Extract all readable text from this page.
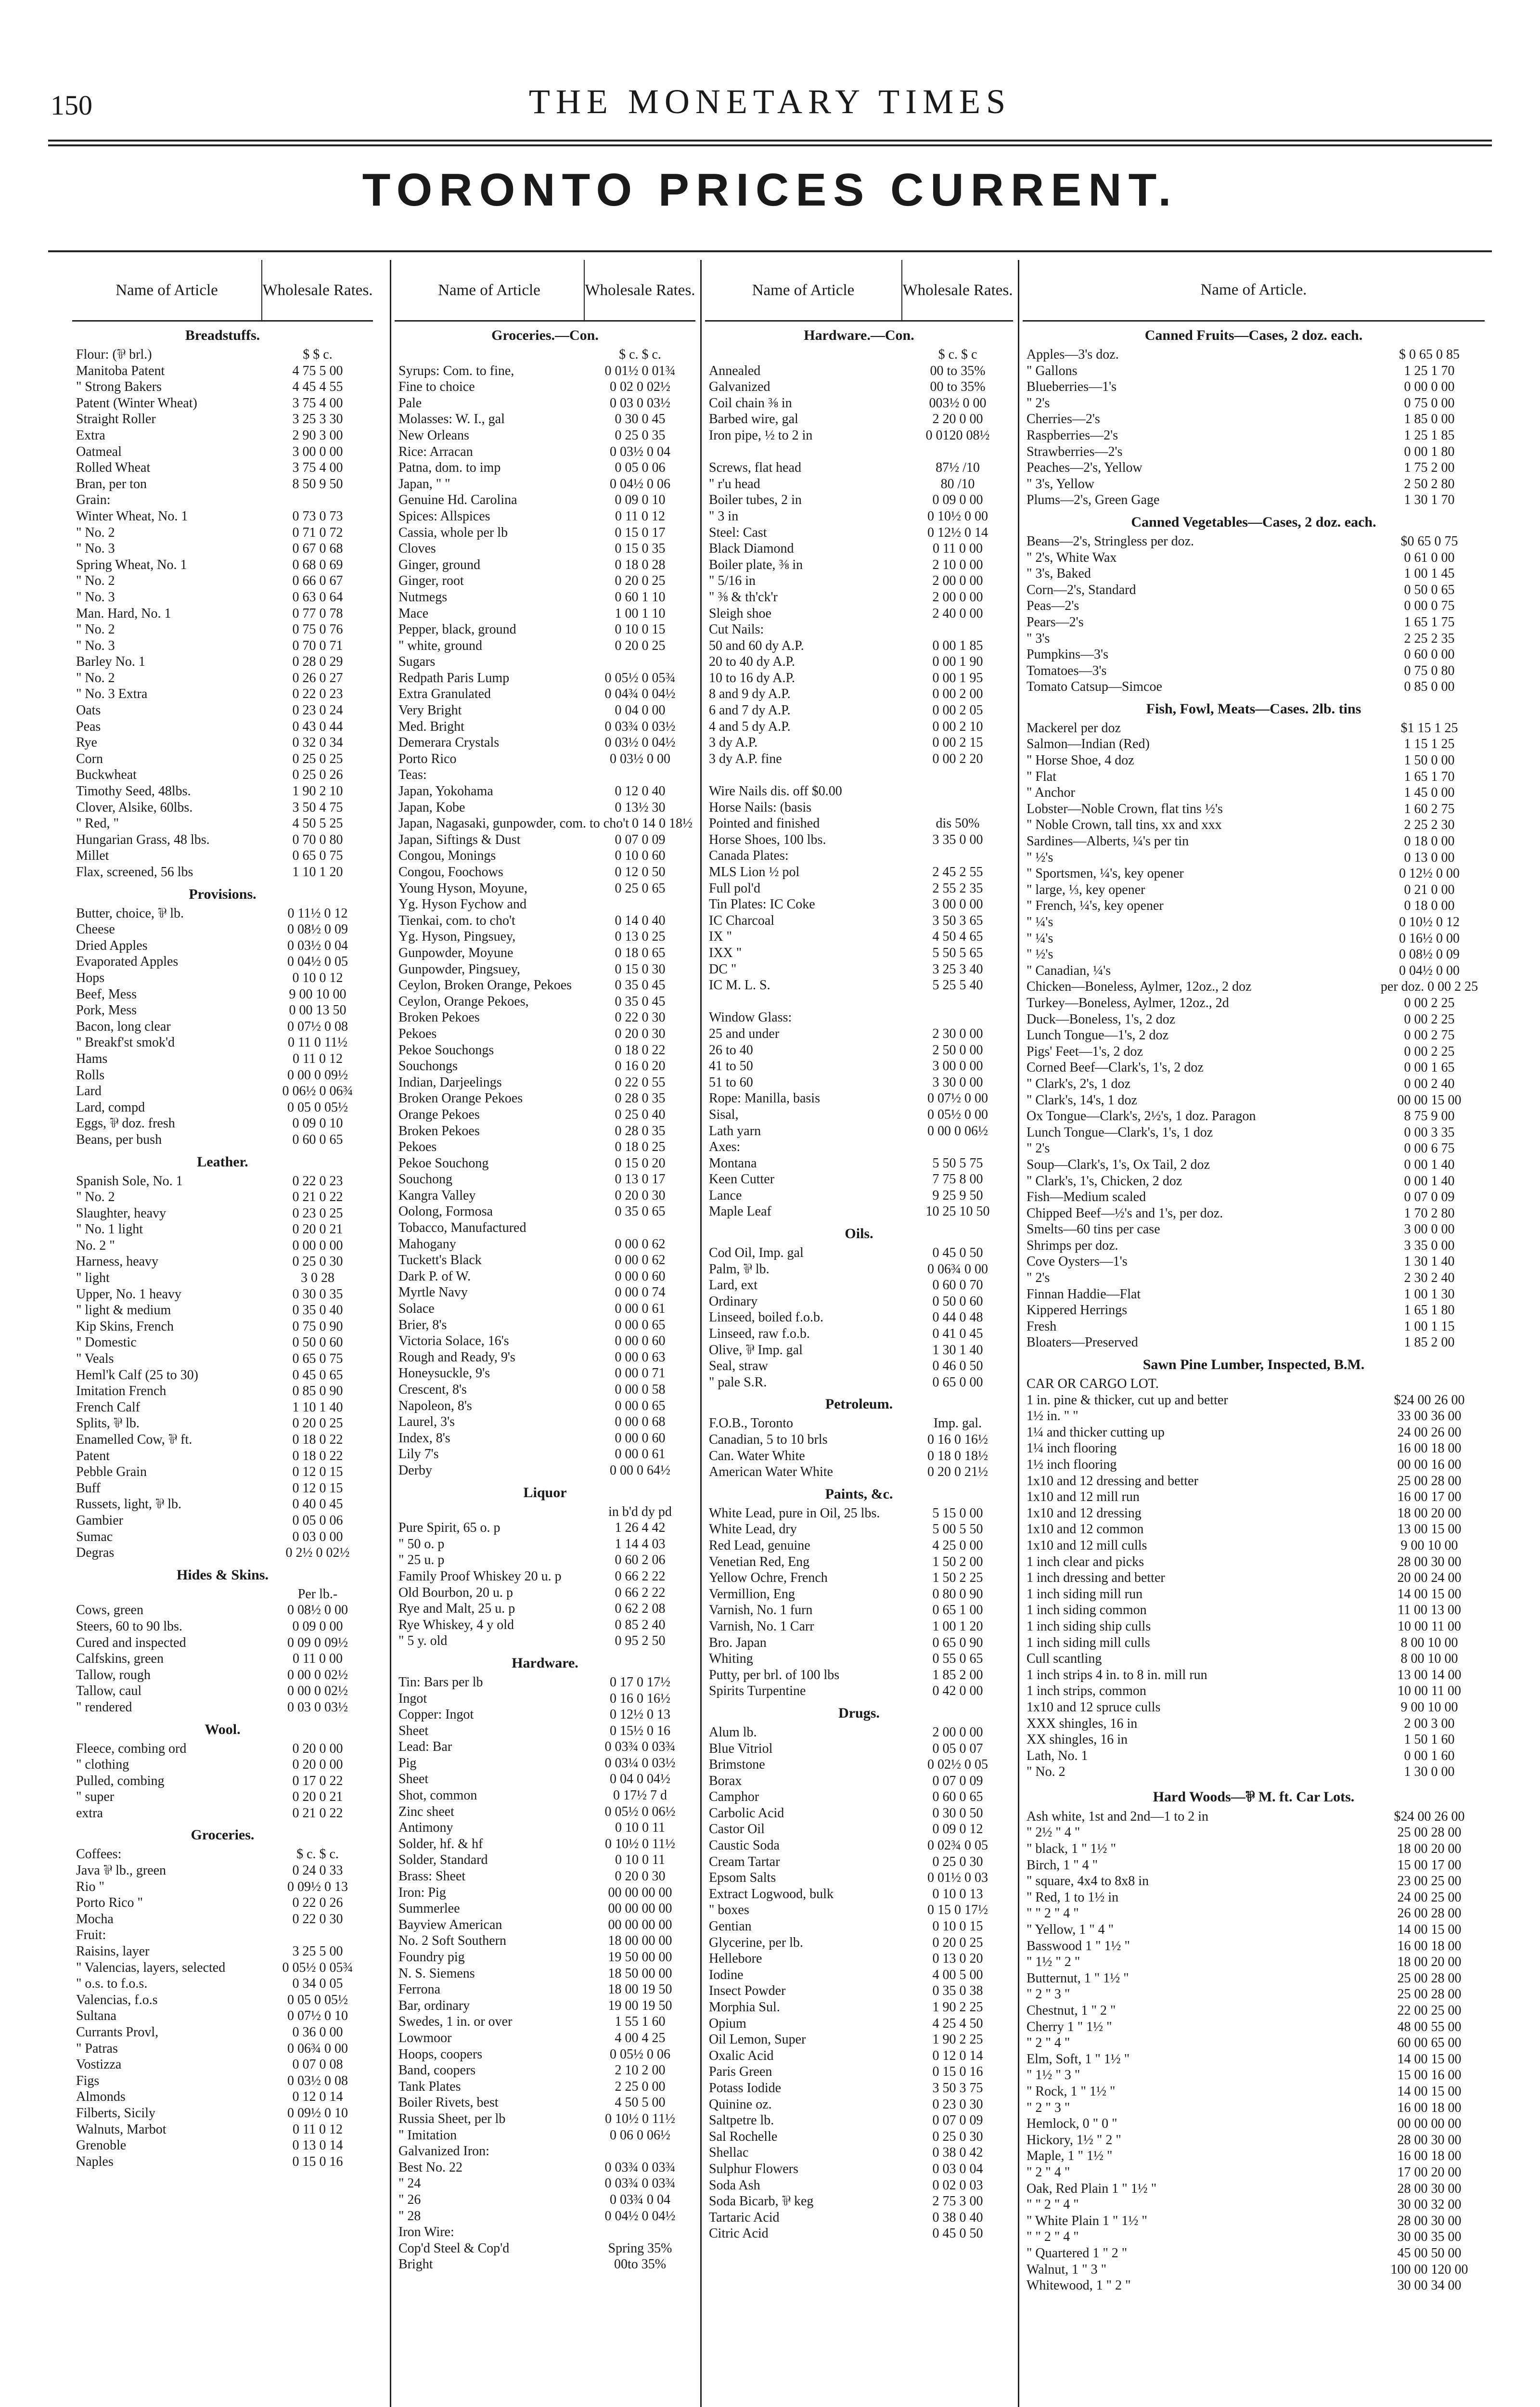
150	THE MONETARY TIMES
TORONTO PRICES CURRENT.
Name of Article	Wholesale Rates.
Breadstuffs.
Flour: (⅌ brl.)	$ $ c.
Manitoba Patent	4 75 5 00
" Strong Bakers	4 45 4 55
Patent (Winter Wheat)	3 75 4 00
Straight Roller	3 25 3 30
Extra	2 90 3 00
Oatmeal	3 00 0 00
Rolled Wheat	3 75 4 00
Bran, per ton	8 50 9 50
Grain:
Winter Wheat, No. 1	0 73 0 73
" No. 2	0 71 0 72
" No. 3	0 67 0 68
Spring Wheat, No. 1	0 68 0 69
" No. 2	0 66 0 67
" No. 3	0 63 0 64
Man. Hard, No. 1	0 77 0 78
" No. 2	0 75 0 76
" No. 3	0 70 0 71
Barley No. 1	0 28 0 29
" No. 2	0 26 0 27
" No. 3 Extra	0 22 0 23
Oats	0 23 0 24
Peas	0 43 0 44
Rye	0 32 0 34
Corn	0 25 0 25
Buckwheat	0 25 0 26
Timothy Seed, 48lbs.	1 90 2 10
Clover, Alsike, 60lbs.	3 50 4 75
" Red, "	4 50 5 25
Hungarian Grass, 48 lbs.	0 70 0 80
Millet	0 65 0 75
Flax, screened, 56 lbs	1 10 1 20
Provisions.
Butter, choice, ⅌ lb.	0 11½ 0 12
Cheese	0 08½ 0 09
Dried Apples	0 03½ 0 04
Evaporated Apples	0 04½ 0 05
Hops	0 10 0 12
Beef, Mess	9 00 10 00
Pork, Mess	0 00 13 50
Bacon, long clear	0 07½ 0 08
" Breakf'st smok'd	0 11 0 11½
Hams	0 11 0 12
Rolls	0 00 0 09½
Lard	0 06½ 0 06¾
Lard, compd	0 05 0 05½
Eggs, ⅌ doz. fresh	0 09 0 10
Beans, per bush	0 60 0 65
Leather.
Spanish Sole, No. 1	0 22 0 23
" No. 2	0 21 0 22
Slaughter, heavy	0 23 0 25
" No. 1 light	0 20 0 21
No. 2 "	0 00 0 00
Harness, heavy	0 25 0 30
" light	3 0 28
Upper, No. 1 heavy	0 30 0 35
" light & medium	0 35 0 40
Kip Skins, French	0 75 0 90
" Domestic	0 50 0 60
" Veals	0 65 0 75
Heml'k Calf (25 to 30)	0 45 0 65
Imitation French	0 85 0 90
French Calf	1 10 1 40
Splits, ⅌ lb.	0 20 0 25
Enamelled Cow, ⅌ ft.	0 18 0 22
Patent	0 18 0 22
Pebble Grain	0 12 0 15
Buff	0 12 0 15
Russets, light, ⅌ lb.	0 40 0 45
Gambier	0 05 0 06
Sumac	0 03 0 00
Degras	0 2½ 0 02½
Hides & Skins.
Per lb.-
Cows, green	0 08½ 0 00
Steers, 60 to 90 lbs.	0 09 0 00
Cured and inspected	0 09 0 09½
Calfskins, green	0 11 0 00
Tallow, rough	0 00 0 02½
Tallow, caul	0 00 0 02½
" rendered	0 03 0 03½
Wool.
Fleece, combing ord	0 20 0 00
" clothing	0 20 0 00
Pulled, combing	0 17 0 22
" super	0 20 0 21
extra	0 21 0 22
Groceries.
Coffees:	$ c. $ c.
Java ⅌ lb., green	0 24 0 33
Rio "	0 09½ 0 13
Porto Rico "	0 22 0 26
Mocha	0 22 0 30
Fruit:
Raisins, layer	3 25 5 00
" Valencias, layers, selected	0 05½ 0 05¾
" o.s. to f.o.s.	0 34 0 05
Valencias, f.o.s	0 05 0 05½
Sultana	0 07½ 0 10
Currants Provl,	0 36 0 00
" Patras	0 06¾ 0 00
Vostizza	0 07 0 08
Figs	0 03½ 0 08
Almonds	0 12 0 14
Filberts, Sicily	0 09½ 0 10
Walnuts, Marbot	0 11 0 12
Grenoble	0 13 0 14
Naples	0 15 0 16
Name of Article	Wholesale Rates.
Groceries.—Con.
$ c. $ c.
Syrups: Com. to fine,	0 01½ 0 01¾
Fine to choice	0 02 0 02½
Pale	0 03 0 03½
Molasses: W. I., gal	0 30 0 45
New Orleans	0 25 0 35
Rice: Arracan	0 03½ 0 04
Patna, dom. to imp	0 05 0 06
Japan, " "	0 04½ 0 06
Genuine Hd. Carolina	0 09 0 10
Spices: Allspices	0 11 0 12
Cassia, whole per lb	0 15 0 17
Cloves	0 15 0 35
Ginger, ground	0 18 0 28
Ginger, root	0 20 0 25
Nutmegs	0 60 1 10
Mace	1 00 1 10
Pepper, black, ground	0 10 0 15
" white, ground	0 20 0 25
Sugars
Redpath Paris Lump	0 05½ 0 05¾
Extra Granulated	0 04¾ 0 04½
Very Bright	0 04 0 00
Med. Bright	0 03¾ 0 03½
Demerara Crystals	0 03½ 0 04½
Porto Rico	0 03½ 0 00
Teas:
Japan, Yokohama	0 12 0 40
Japan, Kobe	0 13½ 30
Japan, Nagasaki, gunpowder, com. to cho't 0 14 0 18½
Japan, Siftings & Dust	0 07 0 09
Congou, Monings	0 10 0 60
Congou, Foochows	0 12 0 50
Young Hyson, Moyune,	0 25 0 65
Yg. Hyson Fychow and
Tienkai, com. to cho't	0 14 0 40
Yg. Hyson, Pingsuey,	0 13 0 25
Gunpowder, Moyune	0 18 0 65
Gunpowder, Pingsuey,	0 15 0 30
Ceylon, Broken Orange, Pekoes	0 35 0 45
Ceylon, Orange Pekoes,	0 35 0 45
Broken Pekoes	0 22 0 30
Pekoes	0 20 0 30
Pekoe Souchongs	0 18 0 22
Souchongs	0 16 0 20
Indian, Darjeelings	0 22 0 55
Broken Orange Pekoes	0 28 0 35
Orange Pekoes	0 25 0 40
Broken Pekoes	0 28 0 35
Pekoes	0 18 0 25
Pekoe Souchong	0 15 0 20
Souchong	0 13 0 17
Kangra Valley	0 20 0 30
Oolong, Formosa	0 35 0 65
Tobacco, Manufactured
Mahogany	0 00 0 62
Tuckett's Black	0 00 0 62
Dark P. of W.	0 00 0 60
Myrtle Navy	0 00 0 74
Solace	0 00 0 61
Brier, 8's	0 00 0 65
Victoria Solace, 16's	0 00 0 60
Rough and Ready, 9's	0 00 0 63
Honeysuckle, 9's	0 00 0 71
Crescent, 8's	0 00 0 58
Napoleon, 8's	0 00 0 65
Laurel, 3's	0 00 0 68
Index, 8's	0 00 0 60
Lily 7's	0 00 0 61
Derby	0 00 0 64½
Liquor
in b'd dy pd
Pure Spirit, 65 o. p	1 26 4 42
" 50 o. p	1 14 4 03
" 25 u. p	0 60 2 06
Family Proof Whiskey 20 u. p	0 66 2 22
Old Bourbon, 20 u. p	0 66 2 22
Rye and Malt, 25 u. p	0 62 2 08
Rye Whiskey, 4 y old	0 85 2 40
" 5 y. old	0 95 2 50
Hardware.
Tin: Bars per lb	0 17 0 17½
Ingot	0 16 0 16½
Copper: Ingot	0 12½ 0 13
Sheet	0 15½ 0 16
Lead: Bar	0 03¾ 0 03¾
Pig	0 03¼ 0 03½
Sheet	0 04 0 04½
Shot, common	0 17½ 7 d
Zinc sheet	0 05½ 0 06½
Antimony	0 10 0 11
Solder, hf. & hf	0 10½ 0 11½
Solder, Standard	0 10 0 11
Brass: Sheet	0 20 0 30
Iron: Pig	00 00 00 00
Summerlee	00 00 00 00
Bayview American	00 00 00 00
No. 2 Soft Southern	18 00 00 00
Foundry pig	19 50 00 00
N. S. Siemens	18 50 00 00
Ferrona	18 00 19 50
Bar, ordinary	19 00 19 50
Swedes, 1 in. or over	1 55 1 60
Lowmoor	4 00 4 25
Hoops, coopers	0 05½ 0 06
Band, coopers	2 10 2 00
Tank Plates	2 25 0 00
Boiler Rivets, best	4 50 5 00
Russia Sheet, per lb	0 10½ 0 11½
" Imitation	0 06 0 06½
Galvanized Iron:
Best No. 22	0 03¾ 0 03¾
" 24	0 03¾ 0 03¾
" 26	0 03¾ 0 04
" 28	0 04½ 0 04½
Iron Wire:
Cop'd Steel & Cop'd	Spring 35%
Bright	00to 35%
Name of Article	Wholesale Rates.
Hardware.—Con.
$ c. $ c
Annealed	00 to 35%
Galvanized	00 to 35%
Coil chain ⅜ in	003½ 0 00
Barbed wire, gal	2 20 0 00
Iron pipe, ½ to 2 in	0 0120 08½
Screws, flat head	87½ /10
" r'u head	80 /10
Boiler tubes, 2 in	0 09 0 00
" 3 in	0 10½ 0 00
Steel: Cast	0 12½ 0 14
Black Diamond	0 11 0 00
Boiler plate, ⅜ in	2 10 0 00
" 5/16 in	2 00 0 00
" ⅜ & th'ck'r	2 00 0 00
Sleigh shoe	2 40 0 00
Cut Nails:
50 and 60 dy A.P.	0 00 1 85
20 to 40 dy A.P.	0 00 1 90
10 to 16 dy A.P.	0 00 1 95
8 and 9 dy A.P.	0 00 2 00
6 and 7 dy A.P.	0 00 2 05
4 and 5 dy A.P.	0 00 2 10
3 dy A.P.	0 00 2 15
3 dy A.P. fine	0 00 2 20
Wire Nails dis. off $0.00
Horse Nails: (basis
Pointed and finished	dis 50%
Horse Shoes, 100 lbs.	3 35 0 00
Canada Plates:
MLS Lion ½ pol	2 45 2 55
Full pol'd	2 55 2 35
Tin Plates: IC Coke	3 00 0 00
IC Charcoal	3 50 3 65
IX "	4 50 4 65
IXX "	5 50 5 65
DC "	3 25 3 40
IC M. L. S.	5 25 5 40
Window Glass:
25 and under	2 30 0 00
26 to 40	2 50 0 00
41 to 50	3 00 0 00
51 to 60	3 30 0 00
Rope: Manilla, basis	0 07½ 0 00
Sisal,	0 05½ 0 00
Lath yarn	0 00 0 06½
Axes:
Montana	5 50 5 75
Keen Cutter	7 75 8 00
Lance	9 25 9 50
Maple Leaf	10 25 10 50
Oils.
Cod Oil, Imp. gal	0 45 0 50
Palm, ⅌ lb.	0 06¾ 0 00
Lard, ext	0 60 0 70
Ordinary	0 50 0 60
Linseed, boiled f.o.b.	0 44 0 48
Linseed, raw f.o.b.	0 41 0 45
Olive, ⅌ Imp. gal	1 30 1 40
Seal, straw	0 46 0 50
" pale S.R.	0 65 0 00
Petroleum.
F.O.B., Toronto	Imp. gal.
Canadian, 5 to 10 brls	0 16 0 16½
Can. Water White	0 18 0 18½
American Water White	0 20 0 21½
Paints, &c.
White Lead, pure in Oil, 25 lbs.	5 15 0 00
White Lead, dry	5 00 5 50
Red Lead, genuine	4 25 0 00
Venetian Red, Eng	1 50 2 00
Yellow Ochre, French	1 50 2 25
Vermillion, Eng	0 80 0 90
Varnish, No. 1 furn	0 65 1 00
Varnish, No. 1 Carr	1 00 1 20
Bro. Japan	0 65 0 90
Whiting	0 55 0 65
Putty, per brl. of 100 lbs	1 85 2 00
Spirits Turpentine	0 42 0 00
Drugs.
Alum lb.	2 00 0 00
Blue Vitriol	0 05 0 07
Brimstone	0 02½ 0 05
Borax	0 07 0 09
Camphor	0 60 0 65
Carbolic Acid	0 30 0 50
Castor Oil	0 09 0 12
Caustic Soda	0 02¾ 0 05
Cream Tartar	0 25 0 30
Epsom Salts	0 01½ 0 03
Extract Logwood, bulk	0 10 0 13
" boxes	0 15 0 17½
Gentian	0 10 0 15
Glycerine, per lb.	0 20 0 25
Hellebore	0 13 0 20
Iodine	4 00 5 00
Insect Powder	0 35 0 38
Morphia Sul.	1 90 2 25
Opium	4 25 4 50
Oil Lemon, Super	1 90 2 25
Oxalic Acid	0 12 0 14
Paris Green	0 15 0 16
Potass Iodide	3 50 3 75
Quinine oz.	0 23 0 30
Saltpetre lb.	0 07 0 09
Sal Rochelle	0 25 0 30
Shellac	0 38 0 42
Sulphur Flowers	0 03 0 04
Soda Ash	0 02 0 03
Soda Bicarb, ⅌ keg	2 75 3 00
Tartaric Acid	0 38 0 40
Citric Acid	0 45 0 50
Name of Article.
Canned Fruits—Cases, 2 doz. each.
Apples—3's doz.	$ 0 65 0 85
" Gallons	1 25 1 70
Blueberries—1's	0 00 0 00
" 2's	0 75 0 00
Cherries—2's	1 85 0 00
Raspberries—2's	1 25 1 85
Strawberries—2's	0 00 1 80
Peaches—2's, Yellow	1 75 2 00
" 3's, Yellow	2 50 2 80
Plums—2's, Green Gage	1 30 1 70
Canned Vegetables—Cases, 2 doz. each.
Beans—2's, Stringless per doz.	$0 65 0 75
" 2's, White Wax	0 61 0 00
" 3's, Baked	1 00 1 45
Corn—2's, Standard	0 50 0 65
Peas—2's	0 00 0 75
Pears—2's	1 65 1 75
" 3's	2 25 2 35
Pumpkins—3's	0 60 0 00
Tomatoes—3's	0 75 0 80
Tomato Catsup—Simcoe	0 85 0 00
Fish, Fowl, Meats—Cases. 2lb. tins
Mackerel per doz	$1 15 1 25
Salmon—Indian (Red)	1 15 1 25
" Horse Shoe, 4 doz	1 50 0 00
" Flat	1 65 1 70
" Anchor	1 45 0 00
Lobster—Noble Crown, flat tins ½'s	1 60 2 75
" Noble Crown, tall tins, xx and xxx	2 25 2 30
Sardines—Alberts, ¼'s per tin	0 18 0 00
" ½'s	0 13 0 00
" Sportsmen, ¼'s, key opener	0 12½ 0 00
" large, ⅓, key opener	0 21 0 00
" French, ¼'s, key opener	0 18 0 00
" ¼'s	0 10½ 0 12
" ¼'s	0 16½ 0 00
" ½'s	0 08½ 0 09
" Canadian, ¼'s	0 04½ 0 00
Chicken—Boneless, Aylmer, 12oz., 2 doz	per doz. 0 00 2 25
Turkey—Boneless, Aylmer, 12oz., 2d	0 00 2 25
Duck—Boneless, 1's, 2 doz	0 00 2 25
Lunch Tongue—1's, 2 doz	0 00 2 75
Pigs' Feet—1's, 2 doz	0 00 2 25
Corned Beef—Clark's, 1's, 2 doz	0 00 1 65
" Clark's, 2's, 1 doz	0 00 2 40
" Clark's, 14's, 1 doz	00 00 15 00
Ox Tongue—Clark's, 2½'s, 1 doz. Paragon	8 75 9 00
Lunch Tongue—Clark's, 1's, 1 doz	0 00 3 35
" 2's	0 00 6 75
Soup—Clark's, 1's, Ox Tail, 2 doz	0 00 1 40
" Clark's, 1's, Chicken, 2 doz	0 00 1 40
Fish—Medium scaled	0 07 0 09
Chipped Beef—½'s and 1's, per doz.	1 70 2 80
Smelts—60 tins per case	3 00 0 00
Shrimps per doz.	3 35 0 00
Cove Oysters—1's	1 30 1 40
" 2's	2 30 2 40
Finnan Haddie—Flat	1 00 1 30
Kippered Herrings	1 65 1 80
Fresh	1 00 1 15
Bloaters—Preserved	1 85 2 00
Sawn Pine Lumber, Inspected, B.M.
CAR OR CARGO LOT.
1 in. pine & thicker, cut up and better	$24 00 26 00
1½ in. " "	33 00 36 00
1¼ and thicker cutting up	24 00 26 00
1¼ inch flooring	16 00 18 00
1½ inch flooring	00 00 16 00
1x10 and 12 dressing and better	25 00 28 00
1x10 and 12 mill run	16 00 17 00
1x10 and 12 dressing	18 00 20 00
1x10 and 12 common	13 00 15 00
1x10 and 12 mill culls	9 00 10 00
1 inch clear and picks	28 00 30 00
1 inch dressing and better	20 00 24 00
1 inch siding mill run	14 00 15 00
1 inch siding common	11 00 13 00
1 inch siding ship culls	10 00 11 00
1 inch siding mill culls	8 00 10 00
Cull scantling	8 00 10 00
1 inch strips 4 in. to 8 in. mill run	13 00 14 00
1 inch strips, common	10 00 11 00
1x10 and 12 spruce culls	9 00 10 00
XXX shingles, 16 in	2 00 3 00
XX shingles, 16 in	1 50 1 60
Lath, No. 1	0 00 1 60
" No. 2	1 30 0 00
Hard Woods—⅌ M. ft. Car Lots.
Ash white, 1st and 2nd—1 to 2 in	$24 00 26 00
" 2½ " 4 "	25 00 28 00
" black, 1 " 1½ "	18 00 20 00
Birch, 1 " 4 "	15 00 17 00
" square, 4x4 to 8x8 in	23 00 25 00
" Red, 1 to 1½ in	24 00 25 00
" " 2 " 4 "	26 00 28 00
" Yellow, 1 " 4 "	14 00 15 00
Basswood 1 " 1½ "	16 00 18 00
" 1½ " 2 "	18 00 20 00
Butternut, 1 " 1½ "	25 00 28 00
" 2 " 3 "	25 00 28 00
Chestnut, 1 " 2 "	22 00 25 00
Cherry 1 " 1½ "	48 00 55 00
" 2 " 4 "	60 00 65 00
Elm, Soft, 1 " 1½ "	14 00 15 00
" 1½ " 3 "	15 00 16 00
" Rock, 1 " 1½ "	14 00 15 00
" 2 " 3 "	16 00 18 00
Hemlock, 0 " 0 "	00 00 00 00
Hickory, 1½ " 2 "	28 00 30 00
Maple, 1 " 1½ "	16 00 18 00
" 2 " 4 "	17 00 20 00
Oak, Red Plain 1 " 1½ "	28 00 30 00
" " 2 " 4 "	30 00 32 00
" White Plain 1 " 1½ "	28 00 30 00
" " 2 " 4 "	30 00 35 00
" Quartered 1 " 2 "	45 00 50 00
Walnut, 1 " 3 "	100 00 120 00
Whitewood, 1 " 2 "	30 00 34 00
